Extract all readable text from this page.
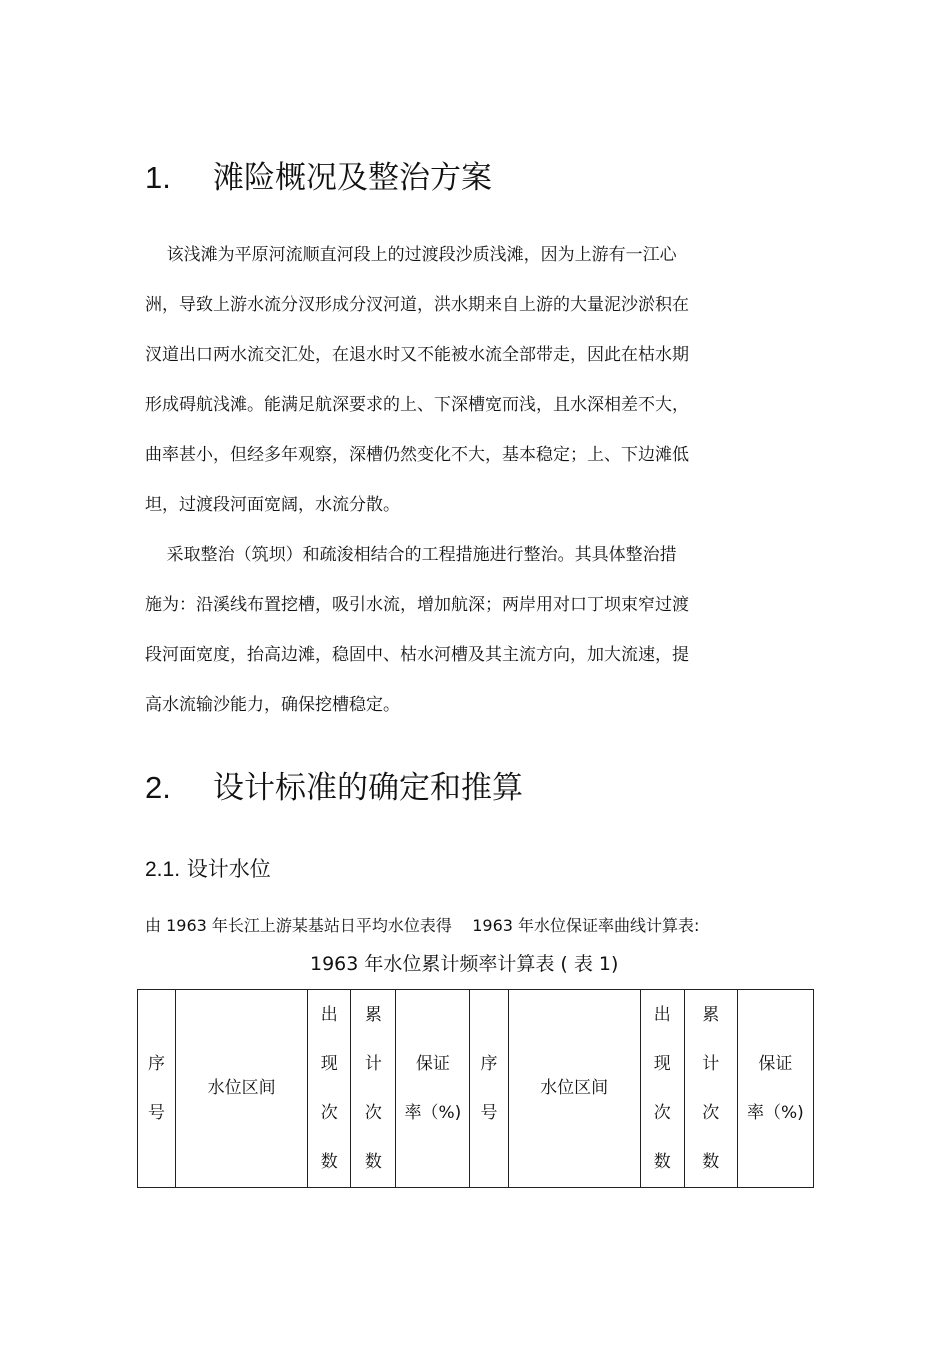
1. 滩险概况及整治方案

该浅滩为平原河流顺直河段上的过渡段沙质浅滩，因为上游有一江心
洲，导致上游水流分汊形成分汊河道，洪水期来自上游的大量泥沙淤积在
汊道出口两水流交汇处，在退水时又不能被水流全部带走，因此在枯水期
形成碍航浅滩。能满足航深要求的上、下深槽宽而浅，且水深相差不大，
曲率甚小，但经多年观察，深槽仍然变化不大，基本稳定；上、下边滩低
坦，过渡段河面宽阔，水流分散。

采取整治（筑坝）和疏浚相结合的工程措施进行整治。其具体整治措
施为：沿溪线布置挖槽，吸引水流，增加航深；两岸用对口丁坝束窄过渡
段河面宽度，抬高边滩，稳固中、枯水河槽及其主流方向，加大流速，提
高水流输沙能力，确保挖槽稳定。

2. 设计标准的确定和推算
2.1. 设计水位
由 1963 年长江上游某基站日平均水位表得    1963 年水位保证率曲线计算表:
1963 年水位累计频率计算表 ( 表 1)
序
号

水位区间

出
现
次
数

累
计
次
数

保证
率（%)

序
号

水位区间

出
现
次
数

累
计
次
数

保证
率（%)
